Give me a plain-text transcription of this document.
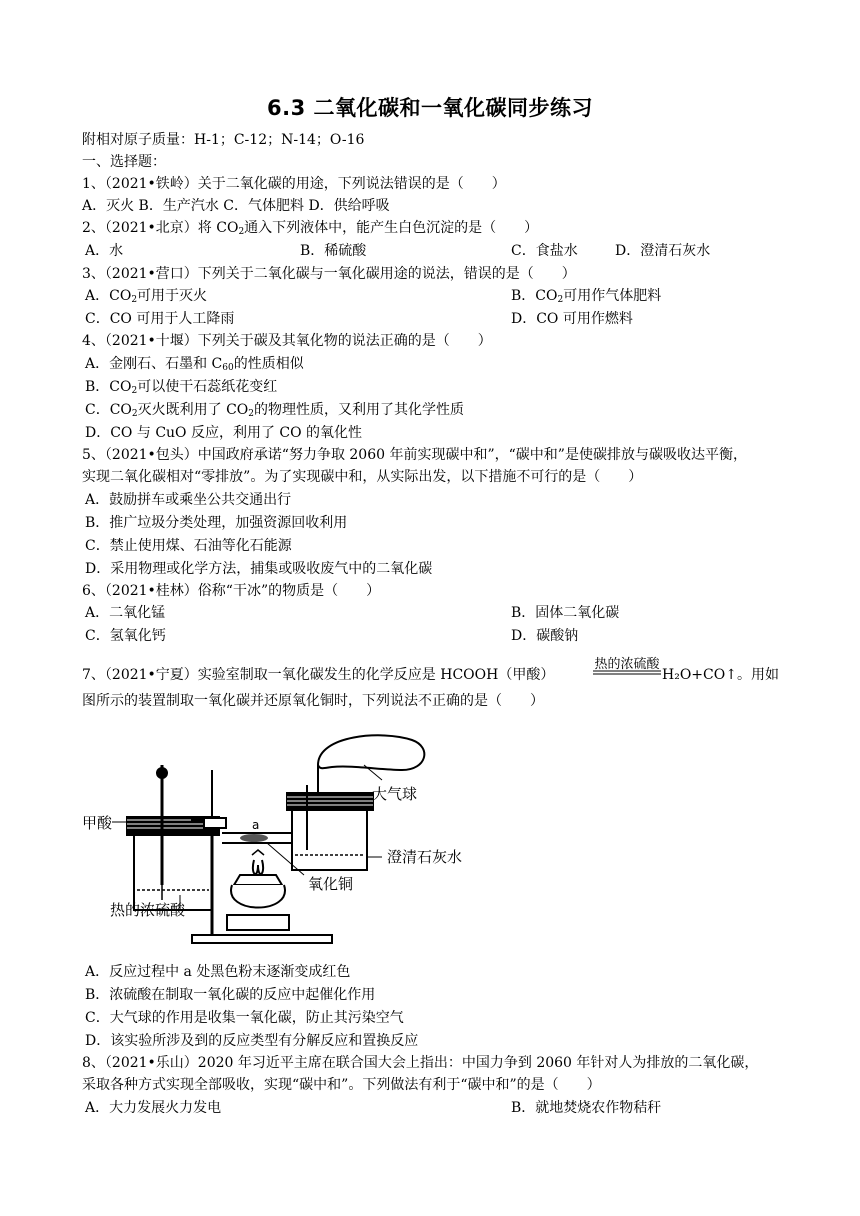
6.3 二氧化碳和一氧化碳同步练习
附相对原子质量：H-1；C-12；N-14；O-16
一、选择题：
1、（2021•铁岭）关于二氧化碳的用途，下列说法错误的是（　　）
A．灭火 B．生产汽水 C．气体肥料 D．供给呼吸
2、（2021•北京）将 $CO_2$通入下列液体中，能产生白色沉淀的是（　　）
A．水	B．稀硫酸	C．食盐水	D．澄清石灰水
3、（2021•营口）下列关于二氧化碳与一氧化碳用途的说法，错误的是（　　）
A．$CO_2$可用于灭火	B．$CO_2$可用作气体肥料
C．CO 可用于人工降雨	D．CO 可用作燃料
4、（2021•十堰）下列关于碳及其氧化物的说法正确的是（　　）
A．金刚石、石墨和 $C_{60}$的性质相似
B．$CO_2$可以使干石蕊纸花变红
C．$CO_2$灭火既利用了 $CO_2$的物理性质，又利用了其化学性质
D．CO 与 CuO 反应，利用了 CO 的氧化性
5、（2021•包头）中国政府承诺“努力争取 2060 年前实现碳中和”，“碳中和”是使碳排放与碳吸收达平衡，
实现二氧化碳相对“零排放”。为了实现碳中和，从实际出发，以下措施不可行的是（　　）
A．鼓励拼车或乘坐公共交通出行
B．推广垃圾分类处理，加强资源回收利用
C．禁止使用煤、石油等化石能源
D．采用物理或化学方法，捕集或吸收废气中的二氧化碳
6、（2021•桂林）俗称“干冰”的物质是（　　）
A．二氧化锰	B．固体二氧化碳
C．氢氧化钙	D．碳酸钠
7、（2021•宁夏）实验室制取一氧化碳发生的化学反应是 HCOOH（甲酸）
热的浓硫酸
H₂O+CO↑。用如
图所示的装置制取一氧化碳并还原氧化铜时，下列说法不正确的是（　　）
甲酸
大气球
a
澄清石灰水
氧化铜
热的浓硫酸
A．反应过程中 a 处黑色粉末逐渐变成红色
B．浓硫酸在制取一氧化碳的反应中起催化作用
C．大气球的作用是收集一氧化碳，防止其污染空气
D．该实验所涉及到的反应类型有分解反应和置换反应
8、（2021•乐山）2020 年习近平主席在联合国大会上指出：中国力争到 2060 年针对人为排放的二氧化碳，
采取各种方式实现全部吸收，实现“碳中和”。下列做法有利于“碳中和”的是（　　）
A．大力发展火力发电	B．就地焚烧农作物秸秆
